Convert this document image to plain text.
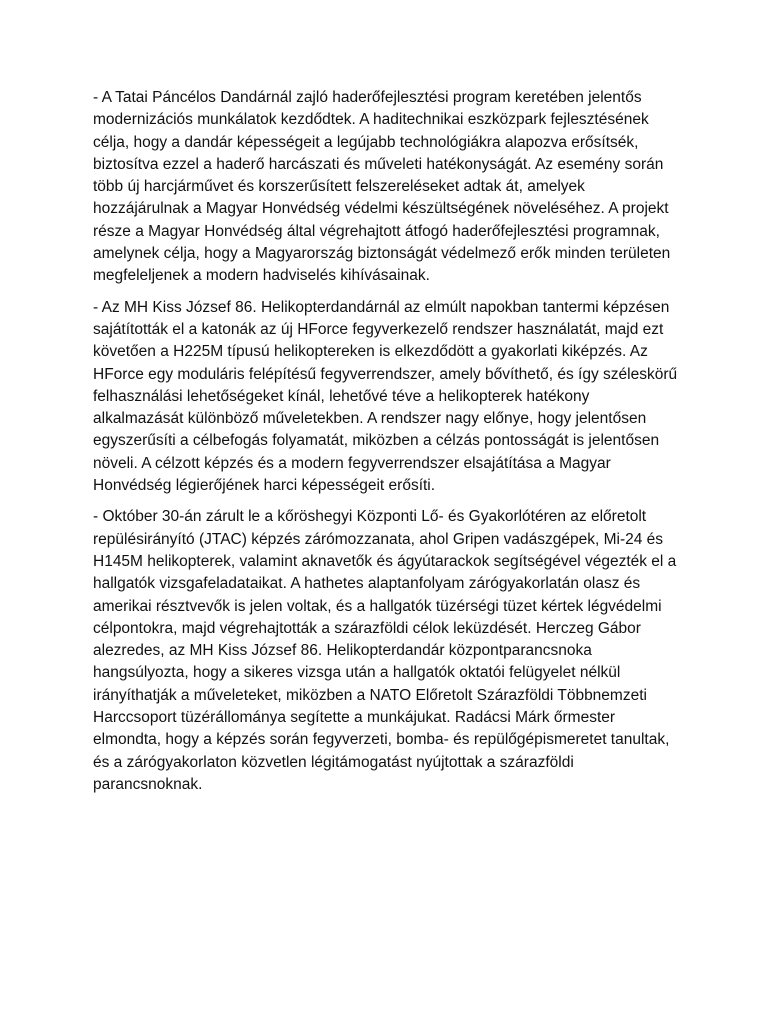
- A Tatai Páncélos Dandárnál zajló haderőfejlesztési program keretében jelentős modernizációs munkálatok kezdődtek. A haditechnikai eszközpark fejlesztésének célja, hogy a dandár képességeit a legújabb technológiákra alapozva erősítsék, biztosítva ezzel a haderő harcászati és műveleti hatékonyságát. Az esemény során több új harcjárművet és korszerűsített felszereléseket adtak át, amelyek hozzájárulnak a Magyar Honvédség védelmi készültségének növeléséhez. A projekt része a Magyar Honvédség által végrehajtott átfogó haderőfejlesztési programnak, amelynek célja, hogy a Magyarország biztonságát védelmező erők minden területen megfeleljenek a modern hadviselés kihívásainak.

- Az MH Kiss József 86. Helikopterdandárnál az elmúlt napokban tantermi képzésen sajátították el a katonák az új HForce fegyverkezelő rendszer használatát, majd ezt követően a H225M típusú helikoptereken is elkezdődött a gyakorlati kiképzés. Az HForce egy moduláris felépítésű fegyverrendszer, amely bővíthető, és így széleskörű felhasználási lehetőségeket kínál, lehetővé téve a helikopterek hatékony alkalmazását különböző műveletekben. A rendszer nagy előnye, hogy jelentősen egyszerűsíti a célbefogás folyamatát, miközben a célzás pontosságát is jelentősen növeli. A célzott képzés és a modern fegyverrendszer elsajátítása a Magyar Honvédség légierőjének harci képességeit erősíti.

- Október 30-án zárult le a kőröshegyi Központi Lő- és Gyakorlótéren az előretolt repülésirányító (JTAC) képzés zárómozzanata, ahol Gripen vadászgépek, Mi-24 és H145M helikopterek, valamint aknavetők és ágyútarackok segítségével végezték el a hallgatók vizsgafeladataikat. A hathetes alaptanfolyam zárógyakorlatán olasz és amerikai résztvevők is jelen voltak, és a hallgatók tüzérségi tüzet kértek légvédelmi célpontokra, majd végrehajtották a szárazföldi célok leküzdését. Herczeg Gábor alezredes, az MH Kiss József 86. Helikopterdandár központparancsnoka hangsúlyozta, hogy a sikeres vizsga után a hallgatók oktatói felügyelet nélkül irányíthatják a műveleteket, miközben a NATO Előretolt Szárazföldi Többnemzeti Harccsoport tüzérállománya segítette a munkájukat. Radácsi Márk őrmester elmondta, hogy a képzés során fegyverzeti, bomba- és repülőgépismeretet tanultak, és a zárógyakorlaton közvetlen légitámogatást nyújtottak a szárazföldi parancsnoknak.
